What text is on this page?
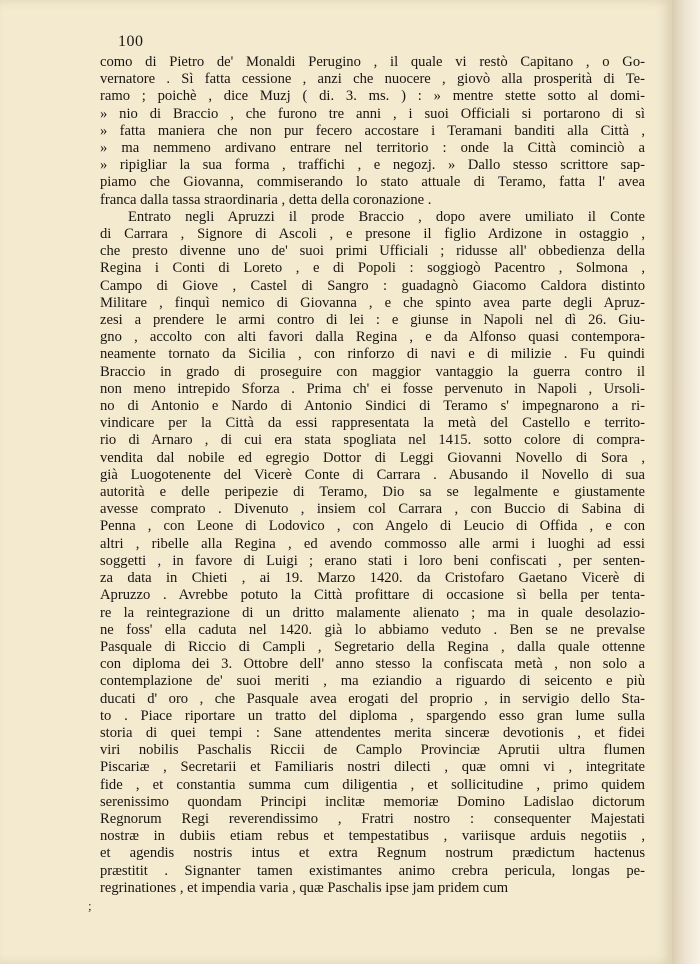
100
como di Pietro de' Monaldi Perugino , il quale vi restò Capitano , o Go-
vernatore . Sì fatta cessione , anzi che nuocere , giovò alla prosperità di Te-
ramo ; poichè , dice Muzj ( di. 3. ms. ) : » mentre stette sotto al domi-
» nio di Braccio , che furono tre anni , i suoi Officiali si portarono di sì
» fatta maniera che non pur fecero accostare i Teramani banditi alla Città ,
» ma nemmeno ardivano entrare nel territorio : onde la Città cominciò a
» ripigliar la sua forma , traffichi , e negozj. » Dallo stesso scrittore sap-
piamo che Giovanna, commiserando lo stato attuale di Teramo, fatta l' avea
franca dalla tassa straordinaria , detta della coronazione .
Entrato negli Apruzzi il prode Braccio , dopo avere umiliato il Conte
di Carrara , Signore di Ascoli , e presone il figlio Ardizone in ostaggio ,
che presto divenne uno de' suoi primi Ufficiali ; ridusse all' obbedienza della
Regina i Conti di Loreto , e di Popoli : soggiogò Pacentro , Solmona ,
Campo di Giove , Castel di Sangro : guadagnò Giacomo Caldora distinto
Militare , finquì nemico di Giovanna , e che spinto avea parte degli Apruz-
zesi a prendere le armi contro di lei : e giunse in Napoli nel dì 26. Giu-
gno , accolto con alti favori dalla Regina , e da Alfonso quasi contempora-
neamente tornato da Sicilia , con rinforzo di navi e di milizie . Fu quindi
Braccio in grado di proseguire con maggior vantaggio la guerra contro il
non meno intrepido Sforza . Prima ch' ei fosse pervenuto in Napoli , Ursoli-
no di Antonio e Nardo di Antonio Sindici di Teramo s' impegnarono a ri-
vindicare per la Città da essi rappresentata la metà del Castello e territo-
rio di Arnaro , di cui era stata spogliata nel 1415. sotto colore di compra-
vendita dal nobile ed egregio Dottor di Leggi Giovanni Novello di Sora ,
già Luogotenente del Vicerè Conte di Carrara . Abusando il Novello di sua
autorità e delle peripezie di Teramo, Dio sa se legalmente e giustamente
avesse comprato . Divenuto , insiem col Carrara , con Buccio di Sabina di
Penna , con Leone di Lodovico , con Angelo di Leucio di Offida , e con
altri , ribelle alla Regina , ed avendo commosso alle armi i luoghi ad essi
soggetti , in favore di Luigi ; erano stati i loro beni confiscati , per senten-
za data in Chieti , ai 19. Marzo 1420. da Cristofaro Gaetano Vicerè di
Apruzzo . Avrebbe potuto la Città profittare di occasione sì bella per tenta-
re la reintegrazione di un dritto malamente alienato ; ma in quale desolazio-
ne foss' ella caduta nel 1420. già lo abbiamo veduto . Ben se ne prevalse
Pasquale di Riccio di Campli , Segretario della Regina , dalla quale ottenne
con diploma dei 3. Ottobre dell' anno stesso la confiscata metà , non solo a
contemplazione de' suoi meriti , ma eziandio a riguardo di seicento e più
ducati d' oro , che Pasquale avea erogati del proprio , in servigio dello Sta-
to . Piace riportare un tratto del diploma , spargendo esso gran lume sulla
storia di quei tempi : Sane attendentes merita sinceræ devotionis , et fidei
viri nobilis Paschalis Riccii de Camplo Provinciæ Aprutii ultra flumen
Piscariæ , Secretarii et Familiaris nostri dilecti , quæ omni vi , integritate
fide , et constantia summa cum diligentia , et sollicitudine , primo quidem
serenissimo quondam Principi inclitæ memoriæ Domino Ladislao dictorum
Regnorum Regi reverendissimo , Fratri nostro : consequenter Majestati
nostræ in dubiis etiam rebus et tempestatibus , variisque arduis negotiis ,
et agendis nostris intus et extra Regnum nostrum prædictum hactenus
præstitit . Signanter tamen existimantes animo crebra pericula, longas pe-
regrinationes , et impendia varia , quæ Paschalis ipse jam pridem cum
;
